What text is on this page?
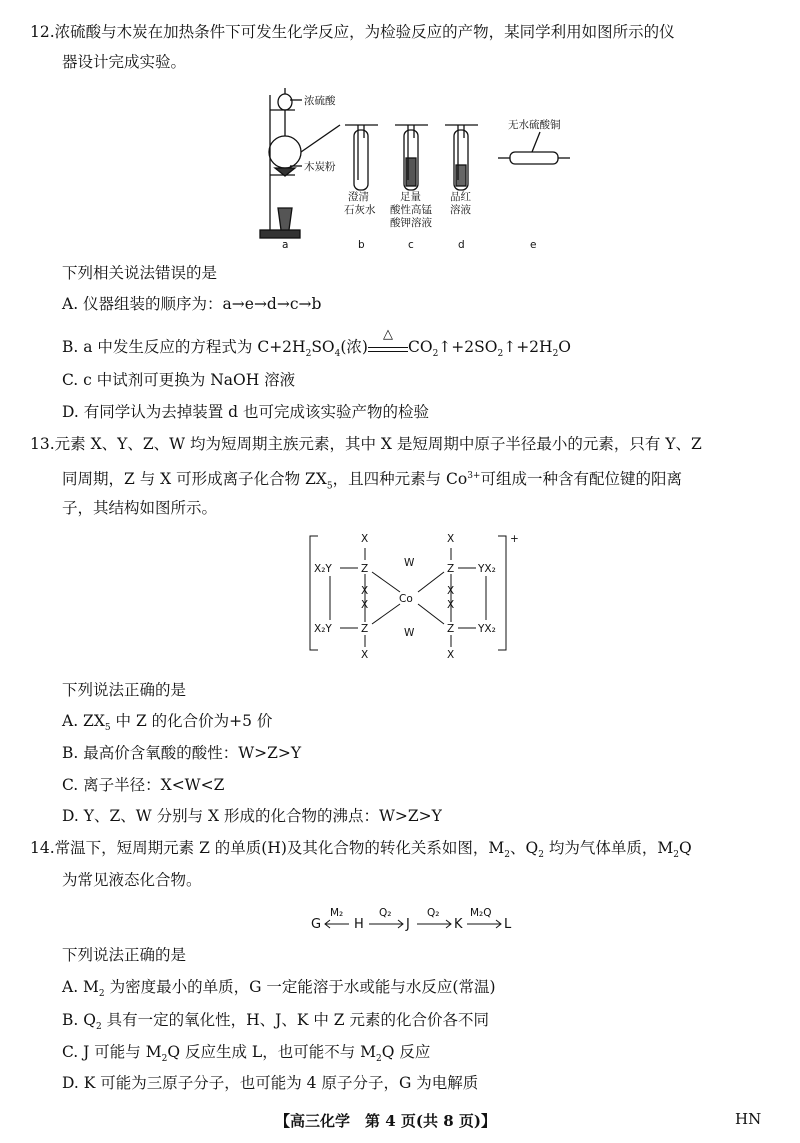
12.浓硫酸与木炭在加热条件下可发生化学反应，为检验反应的产物，某同学利用如图所示的仪
器设计完成实验。
浓硫酸
木炭粉
澄清
石灰水
足量
酸性高锰
酸钾溶液
品红
溶液
无水硫酸铜
a	b	c	d	e
下列相关说法错误的是
A. 仪器组装的顺序为：a→e→d→c→b
B. a 中发生反应的方程式为 $C+2H_2SO_4$(浓)
△
$CO_2↑+2SO_2↑+2H_2O$
C. c 中试剂可更换为 NaOH 溶液
D. 有同学认为去掉装置 d 也可完成该实验产物的检验
13.元素 X、Y、Z、W 均为短周期主族元素，其中 X 是短周期中原子半径最小的元素，只有 Y、Z
同周期，Z 与 X 可形成离子化合物 $ZX_5$，且四种元素与 $Co^{3+}$可组成一种含有配位键的阳离
子，其结构如图所示。
X
Z
X
X
Z
X
X
Z
X
X
Z
X
W
W
Co
X₂Y
X₂Y
YX₂
YX₂
+
下列说法正确的是
A. $ZX_5$ 中 Z 的化合价为+5 价
B. 最高价含氧酸的酸性：W>Z>Y
C. 离子半径：X<W<Z
D. Y、Z、W 分别与 X 形成的化合物的沸点：W>Z>Y
14.常温下，短周期元素 Z 的单质(H)及其化合物的转化关系如图，$M_2$、$Q_2$ 均为气体单质，$M_2Q$
为常见液态化合物。
G	H	J	K	L
M₂	Q₂	Q₂	M₂Q
下列说法正确的是
A. $M_2$ 为密度最小的单质，G 一定能溶于水或能与水反应(常温)
B. $Q_2$ 具有一定的氧化性，H、J、K 中 Z 元素的化合价各不同
C. J 可能与 $M_2Q$ 反应生成 L，也可能不与 $M_2Q$ 反应
D. K 可能为三原子分子，也可能为 4 原子分子，G 为电解质
【高三化学　第 4 页(共 8 页)】	HN
